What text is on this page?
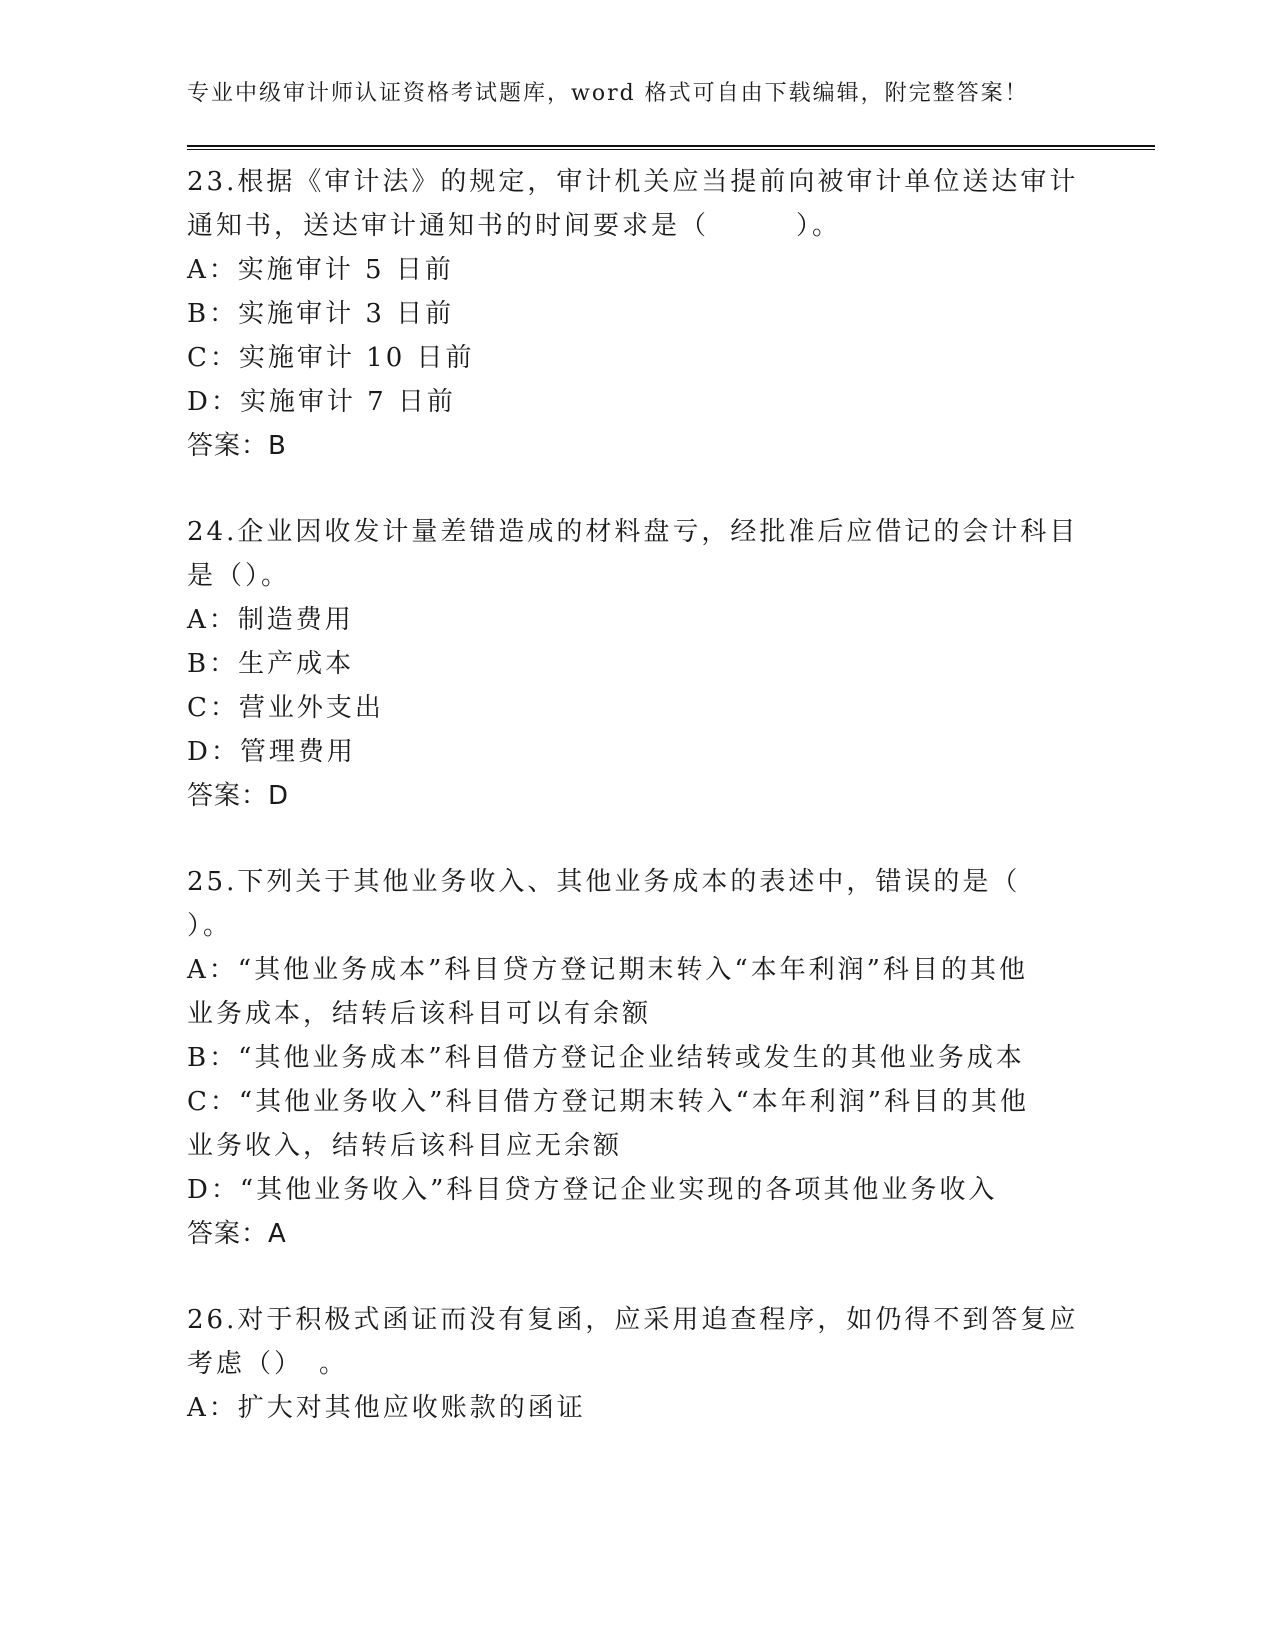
专业中级审计师认证资格考试题库，word 格式可自由下载编辑，附完整答案！
23.根据《审计法》的规定，审计机关应当提前向被审计单位送达审计
通知书，送达审计通知书的时间要求是（　　　）。
A：实施审计 5 日前
B：实施审计 3 日前
C：实施审计 10 日前
D：实施审计 7 日前
答案：B
24.企业因收发计量差错造成的材料盘亏，经批准后应借记的会计科目
是（）。
A：制造费用
B：生产成本
C：营业外支出
D：管理费用
答案：D
25.下列关于其他业务收入、其他业务成本的表述中，错误的是（
）。
A：“其他业务成本”科目贷方登记期末转入“本年利润”科目的其他
业务成本，结转后该科目可以有余额
B：“其他业务成本”科目借方登记企业结转或发生的其他业务成本
C：“其他业务收入”科目借方登记期末转入“本年利润”科目的其他
业务收入，结转后该科目应无余额
D：“其他业务收入”科目贷方登记企业实现的各项其他业务收入
答案：A
26.对于积极式函证而没有复函，应采用追查程序，如仍得不到答复应
考虑（）　。
A：扩大对其他应收账款的函证
